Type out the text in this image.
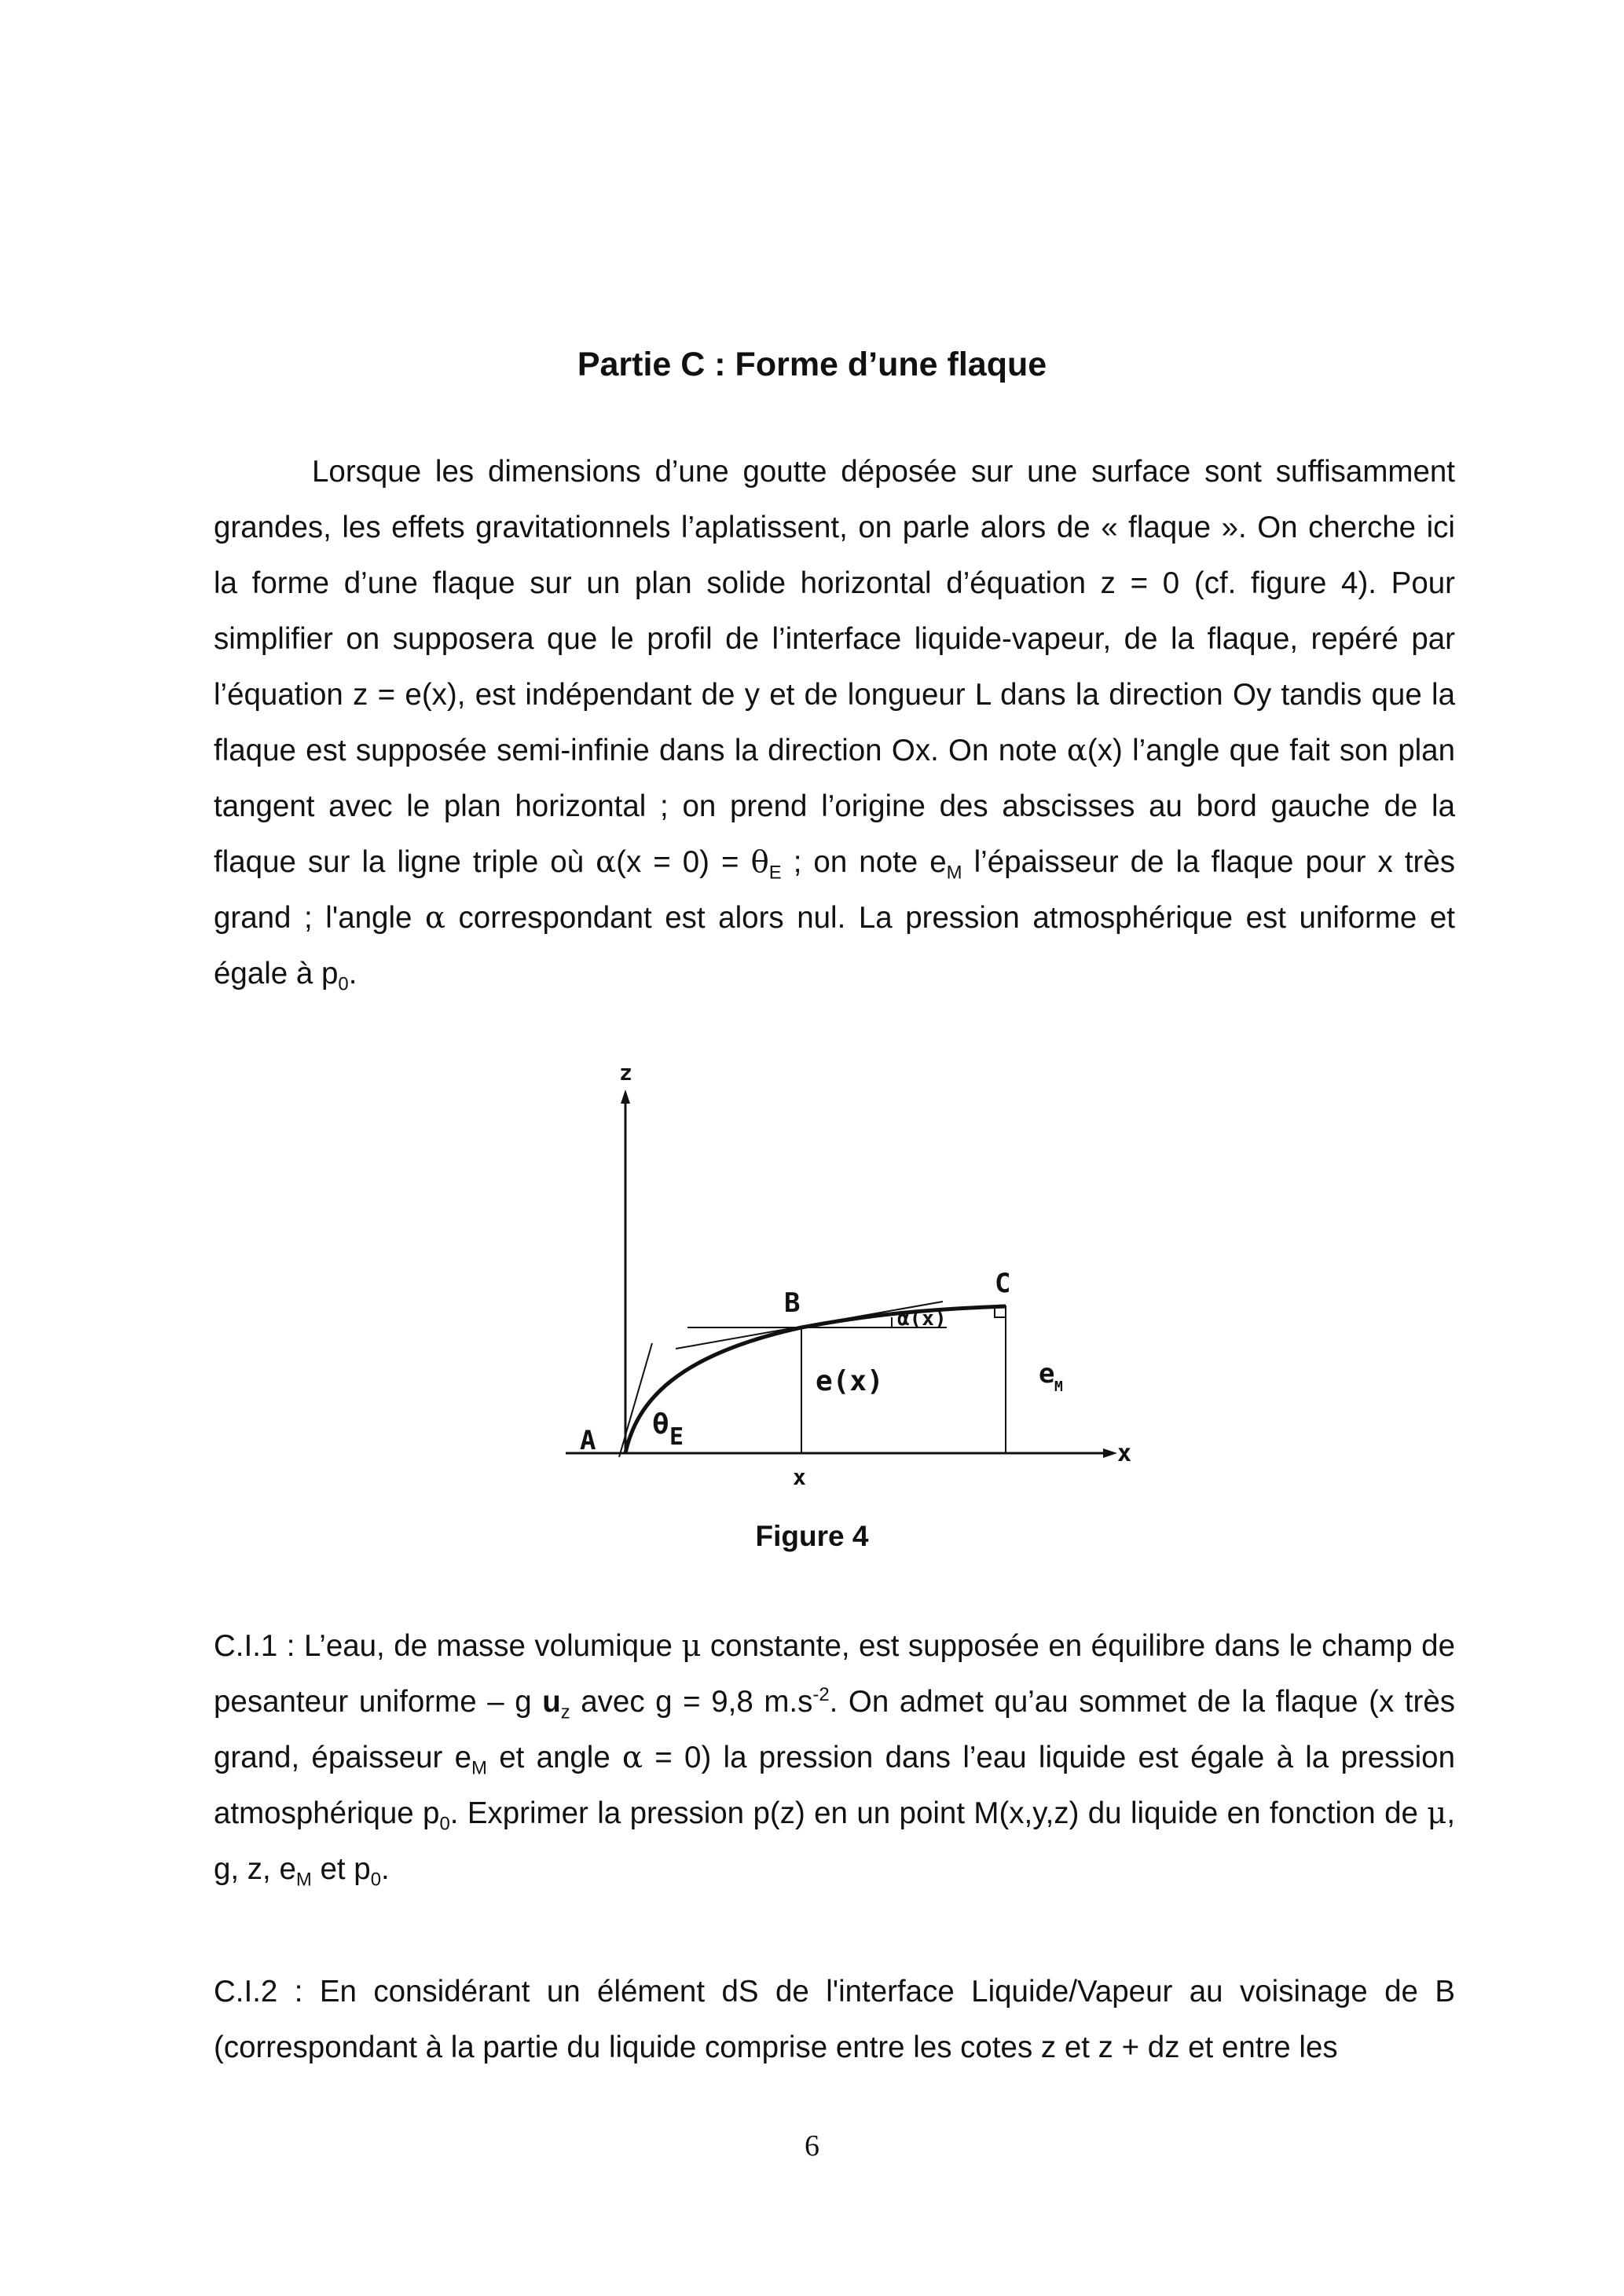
Partie C : Forme d’une flaque

Lorsque les dimensions d’une goutte déposée sur une surface sont suffisamment grandes, les effets gravitationnels l’aplatissent, on parle alors de « flaque ». On cherche ici la forme d’une flaque sur un plan solide horizontal d’équation z = 0 (cf. figure 4). Pour simplifier on supposera que le profil de l’interface liquide-vapeur, de la flaque, repéré par l’équation z = e(x), est indépendant de y et de longueur L dans la direction Oy tandis que la flaque est supposée semi-infinie dans la direction Ox. On note α(x) l’angle que fait son plan tangent avec le plan horizontal ; on prend l’origine des abscisses au bord gauche de la flaque sur la ligne triple où $\alpha(x = 0) = \theta_E$ ; on note $e_M$ l’épaisseur de la flaque pour x très grand ; l'angle α correspondant est alors nul. La pression atmosphérique est uniforme et égale à $p_0$.

z
x
A
B
C
α(x)
e(x)	e M
θ E
x
Figure 4

C.I.1 : L’eau, de masse volumique μ constante, est supposée en équilibre dans le champ de pesanteur uniforme – g $u_z$ avec g = 9,8 $m.s^{-2}$. On admet qu’au sommet de la flaque (x très grand, épaisseur $e_M$ et angle α = 0) la pression dans l’eau liquide est égale à la pression atmosphérique $p_0$. Exprimer la pression p(z) en un point M(x,y,z) du liquide en fonction de μ, g, z, $e_M$ et $p_0$.

C.I.2 : En considérant un élément dS de l'interface Liquide/Vapeur au voisinage de B (correspondant à la partie du liquide comprise entre les cotes z et z + dz et entre les

6
